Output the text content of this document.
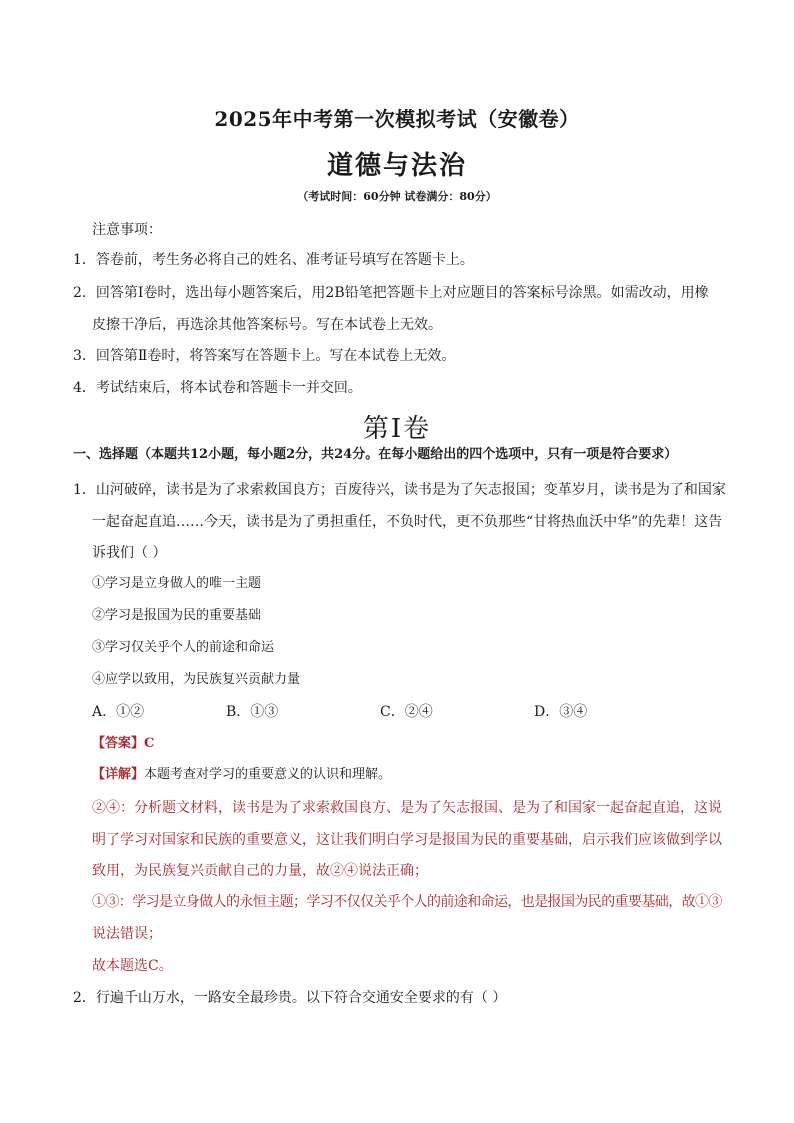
2025年中考第一次模拟考试（安徽卷）
道德与法治
（考试时间：60分钟 试卷满分：80分）
注意事项：
1．答卷前，考生务必将自己的姓名、准考证号填写在答题卡上。
2．回答第Ⅰ卷时，选出每小题答案后，用2B铅笔把答题卡上对应题目的答案标号涂黑。如需改动，用橡
皮擦干净后，再选涂其他答案标号。写在本试卷上无效。
3．回答第Ⅱ卷时，将答案写在答题卡上。写在本试卷上无效。
4．考试结束后，将本试卷和答题卡一并交回。
第Ⅰ卷
一、选择题（本题共12小题，每小题2分，共24分。在每小题给出的四个选项中，只有一项是符合要求）
1．山河破碎，读书是为了求索救国良方；百废待兴，读书是为了矢志报国；变革岁月，读书是为了和国家
一起奋起直追……今天，读书是为了勇担重任，不负时代，更不负那些“甘将热血沃中华”的先辈！这告
诉我们（ ）
①学习是立身做人的唯一主题
②学习是报国为民的重要基础
③学习仅关乎个人的前途和命运
④应学以致用，为民族复兴贡献力量
A．①②	B．①③	C．②④	D．③④
【答案】C
【详解】本题考查对学习的重要意义的认识和理解。
②④：分析题文材料，读书是为了求索救国良方、是为了矢志报国、是为了和国家一起奋起直追，这说
明了学习对国家和民族的重要意义，这让我们明白学习是报国为民的重要基础，启示我们应该做到学以
致用，为民族复兴贡献自己的力量，故②④说法正确；
①③：学习是立身做人的永恒主题；学习不仅仅关乎个人的前途和命运，也是报国为民的重要基础，故①③
说法错误；
故本题选C。
2．行遍千山万水，一路安全最珍贵。以下符合交通安全要求的有（ ）
